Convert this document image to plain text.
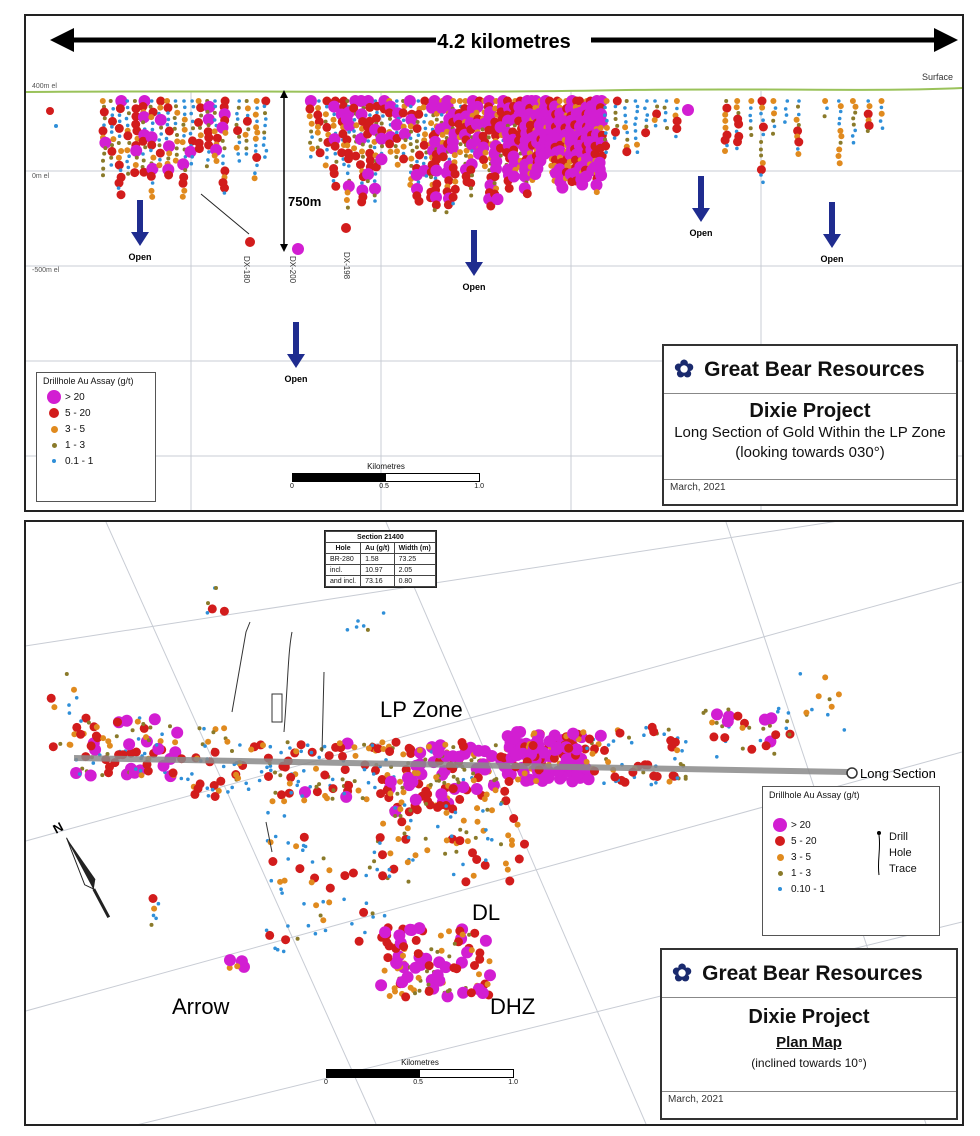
Surface
400m el
0m el
-500m el
4.2 kilometres
750m
DX-180	DX-200	DX-198
Open
Open
Open
Open
Open
Drillhole Au Assay (g/t)
> 20
5 - 20
3 - 5
1 - 3
0.1 - 1	Kilometres
0	0.5	1.0
✿ Great Bear Resources
Dixie Project
Long Section of Gold Within the LP Zone
(looking towards 030°)
March, 2021
Long Section
LP Zone
DL
DHZ
Arrow
N
Section 21400		
Hole	Au (g/t)	Width (m)
BR-280	1.58	73.25
incl.	10.97	2.05
and incl.	73.16	0.80
Drillhole Au Assay (g/t)
> 20
5 - 20
3 - 5
1 - 3
0.10 - 1
Drill Hole Trace
Kilometres
0	0.5	1.0
✿ Great Bear Resources
Dixie Project
Plan Map
(inclined towards 10°)
March, 2021
